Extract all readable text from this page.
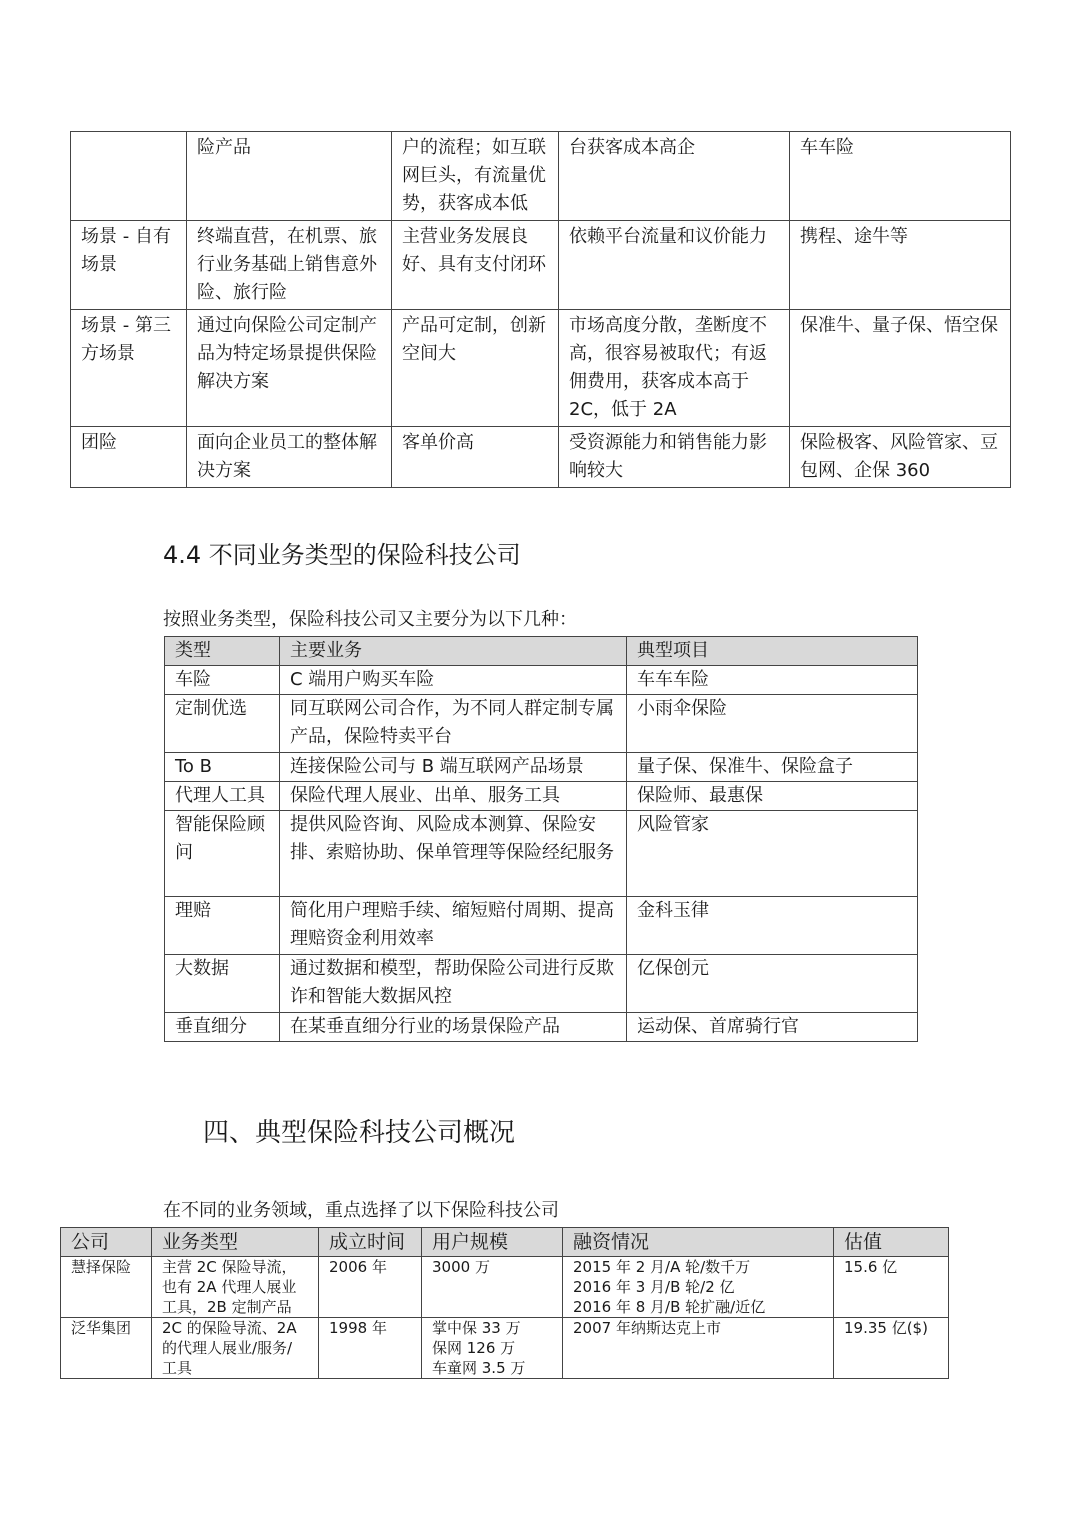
	险产品	户的流程；如互联网巨头，有流量优势，获客成本低	台获客成本高企	车车险
场景 - 自有场景	终端直营，在机票、旅行业务基础上销售意外险、旅行险	主营业务发展良好、具有支付闭环	依赖平台流量和议价能力	携程、途牛等
场景 - 第三方场景	通过向保险公司定制产品为特定场景提供保险解决方案	产品可定制，创新空间大	市场高度分散，垄断度不高，很容易被取代；有返佣费用，获客成本高于 2C，低于 2A	保准牛、量子保、悟空保
团险	面向企业员工的整体解决方案	客单价高	受资源能力和销售能力影响较大	保险极客、风险管家、豆包网、企保 360
4.4 不同业务类型的保险科技公司

按照业务类型，保险科技公司又主要分为以下几种：

类型	主要业务	典型项目
车险	C 端用户购买车险	车车车险
定制优选	同互联网公司合作，为不同人群定制专属产品，保险特卖平台	小雨伞保险
To B	连接保险公司与 B 端互联网产品场景	量子保、保准牛、保险盒子
代理人工具	保险代理人展业、出单、服务工具	保险师、最惠保
智能保险顾问	提供风险咨询、风险成本测算、保险安排、索赔协助、保单管理等保险经纪服务	风险管家
理赔	简化用户理赔手续、缩短赔付周期、提高理赔资金利用效率	金科玉律
大数据	通过数据和模型，帮助保险公司进行反欺诈和智能大数据风控	亿保创元
垂直细分	在某垂直细分行业的场景保险产品	运动保、首席骑行官
四、典型保险科技公司概况

在不同的业务领域，重点选择了以下保险科技公司

公司	业务类型	成立时间	用户规模	融资情况	估值
慧择保险	主营 2C 保险导流，
也有 2A 代理人展业
工具，2B 定制产品	2006 年	3000 万	2015 年 2 月/A 轮/数千万
2016 年 3 月/B 轮/2 亿
2016 年 8 月/B 轮扩融/近亿	15.6 亿
泛华集团	2C 的保险导流、2A
的代理人展业/服务/
工具	1998 年	掌中保 33 万
保网 126 万
车童网 3.5 万	2007 年纳斯达克上市	19.35 亿($)
